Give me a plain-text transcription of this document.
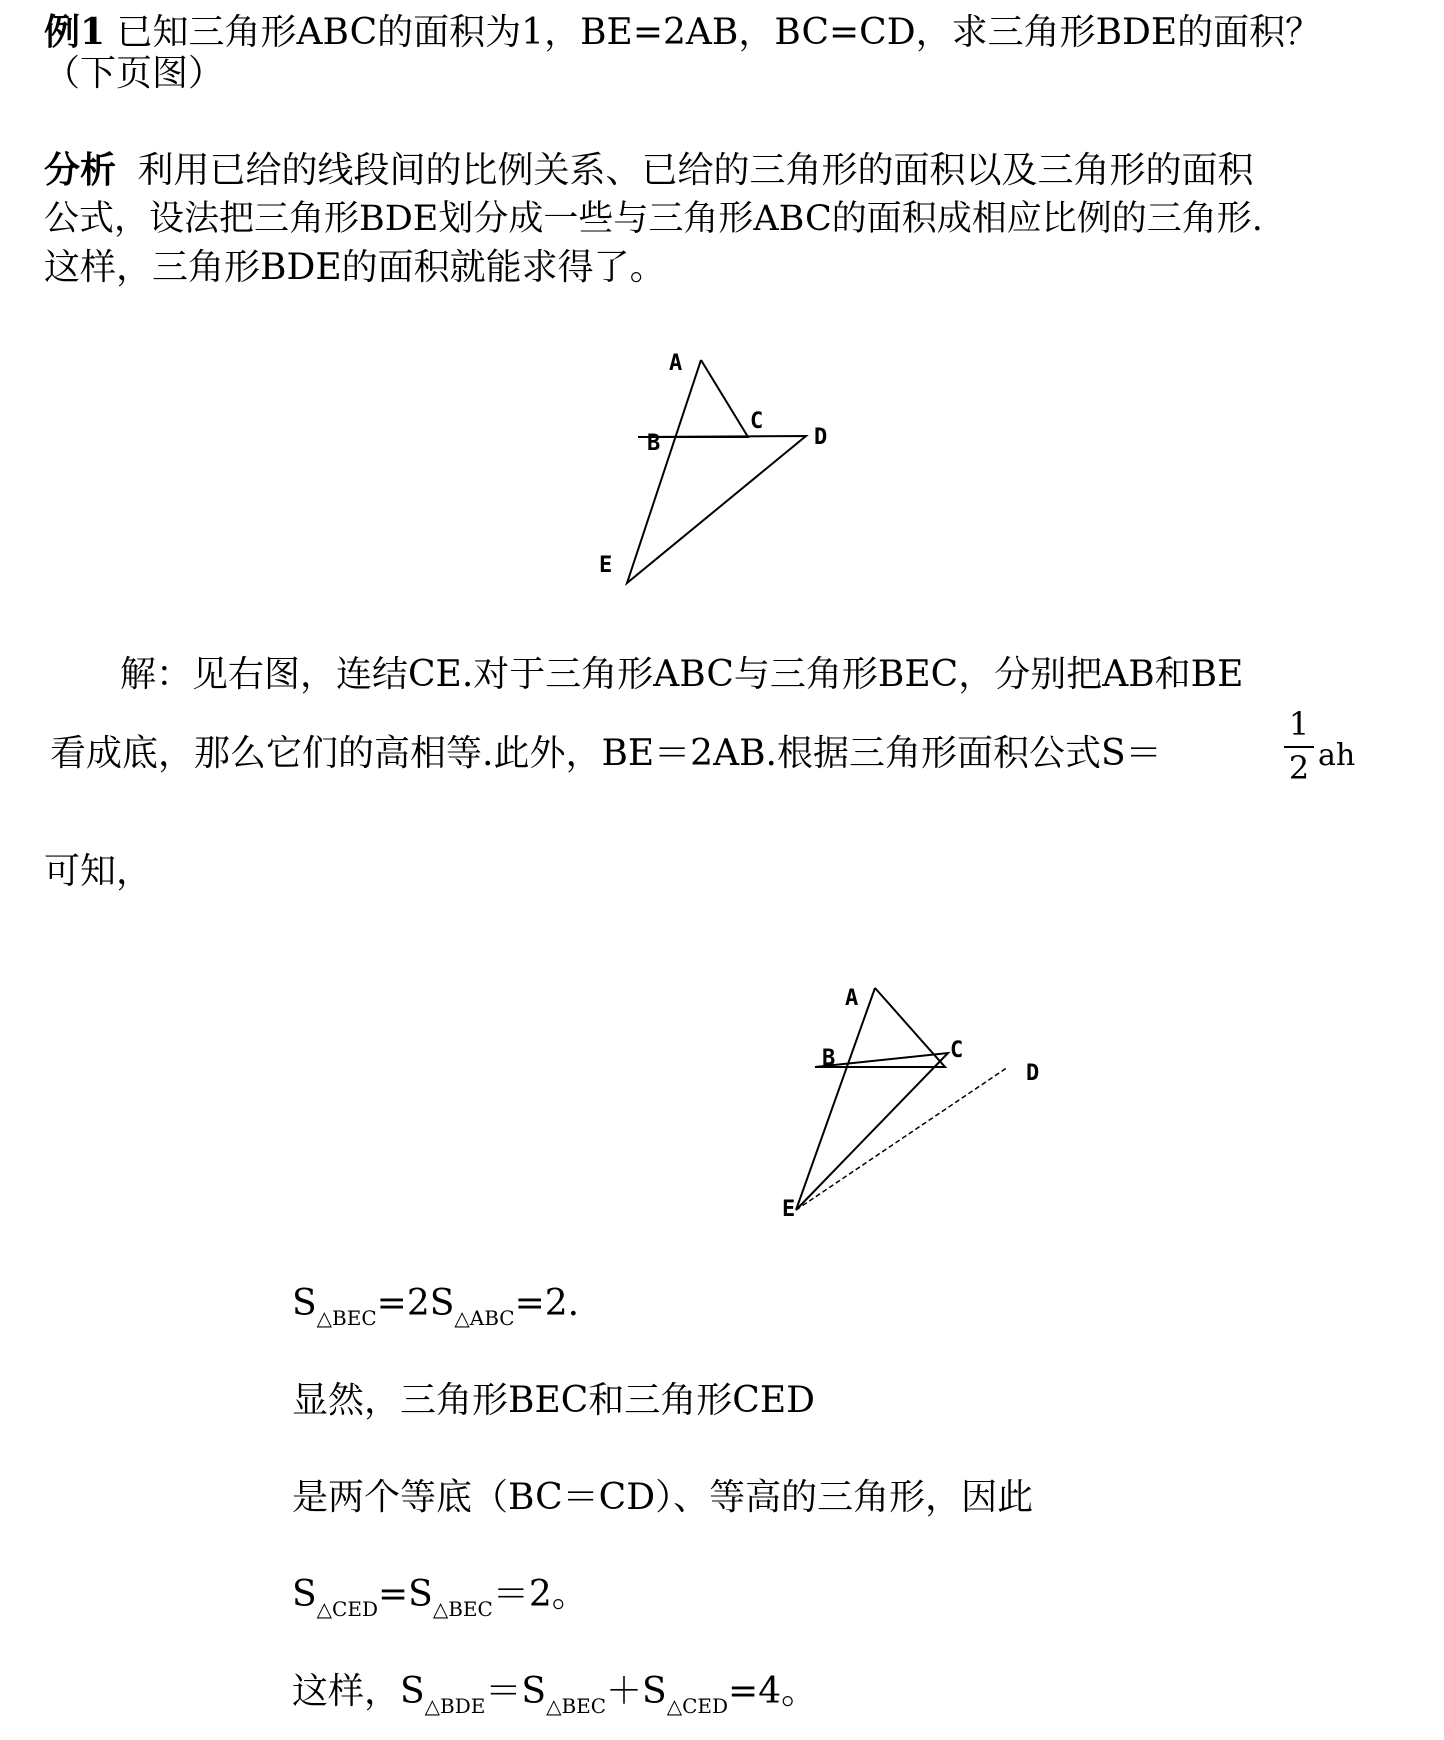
例1 已知三角形ABC的面积为1，BE=2AB，BC=CD，求三角形BDE的面积？
（下页图）
分析 利用已给的线段间的比例关系、已给的三角形的面积以及三角形的面积
公式，设法把三角形BDE划分成一些与三角形ABC的面积成相应比例的三角形.
这样，三角形BDE的面积就能求得了。
A
B
C
D
E
解：见右图，连结CE.对于三角形ABC与三角形BEC，分别把AB和BE
看成底，那么它们的高相等.此外，BE＝2AB.根据三角形面积公式S＝
1
2 ah
可知，
A
B	C
D
E
$S_{\triangle BEC}=2S_{\triangle ABC}=2$.
显然，三角形BEC和三角形CED
是两个等底（BC＝CD）、等高的三角形，因此
$S_{\triangle CED}=S_{\triangle BEC}=2$。
这样，$S_{\triangle BDE}=S_{\triangle BEC}+S_{\triangle CED}=4$。
